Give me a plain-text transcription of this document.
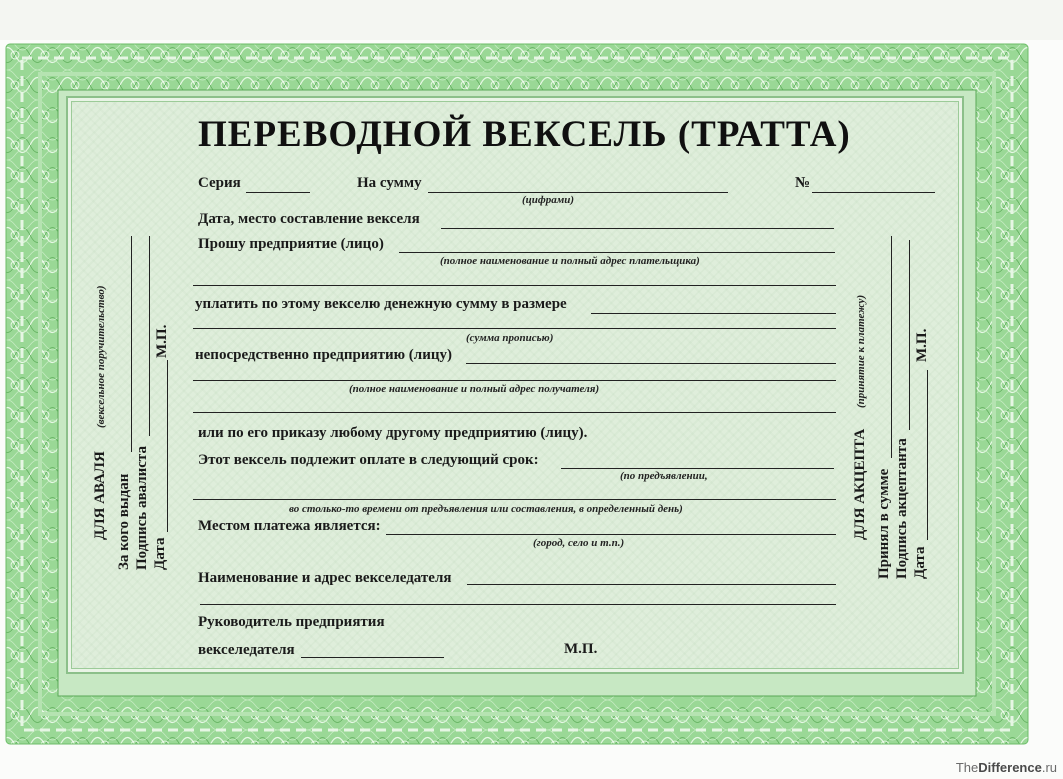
ПЕРЕВОДНОЙ ВЕКСЕЛЬ (ТРАТТА)
Серия	На сумму
(цифрами)
№
Дата, место составление векселя
Прошу предприятие (лицо)
(полное наименование и полный адрес плательщика)
уплатить по этому векселю денежную сумму в размере
(сумма прописью)
непосредственно предприятию (лицу)
(полное наименование и полный адрес получателя)
или по его приказу любому другому предприятию (лицу).
Этот вексель подлежит оплате в следующий срок:
(по предъявлении,
во столько-то времени от предъявления или составления, в определенный день)
Местом платежа является:
(город, село и т.п.)
Наименование и адрес векселедателя
Руководитель предприятия
векселедателя	М.П.
ДЛЯ АВАЛЯ
(вексельное поручительство)
За кого выдан Подпись авалиста Дата
М.П.
ДЛЯ АКЦЕПТА
(принятие к платежу)
Принял в сумме Подпись акцептанта Дата
М.П.
TheDifference.ru
